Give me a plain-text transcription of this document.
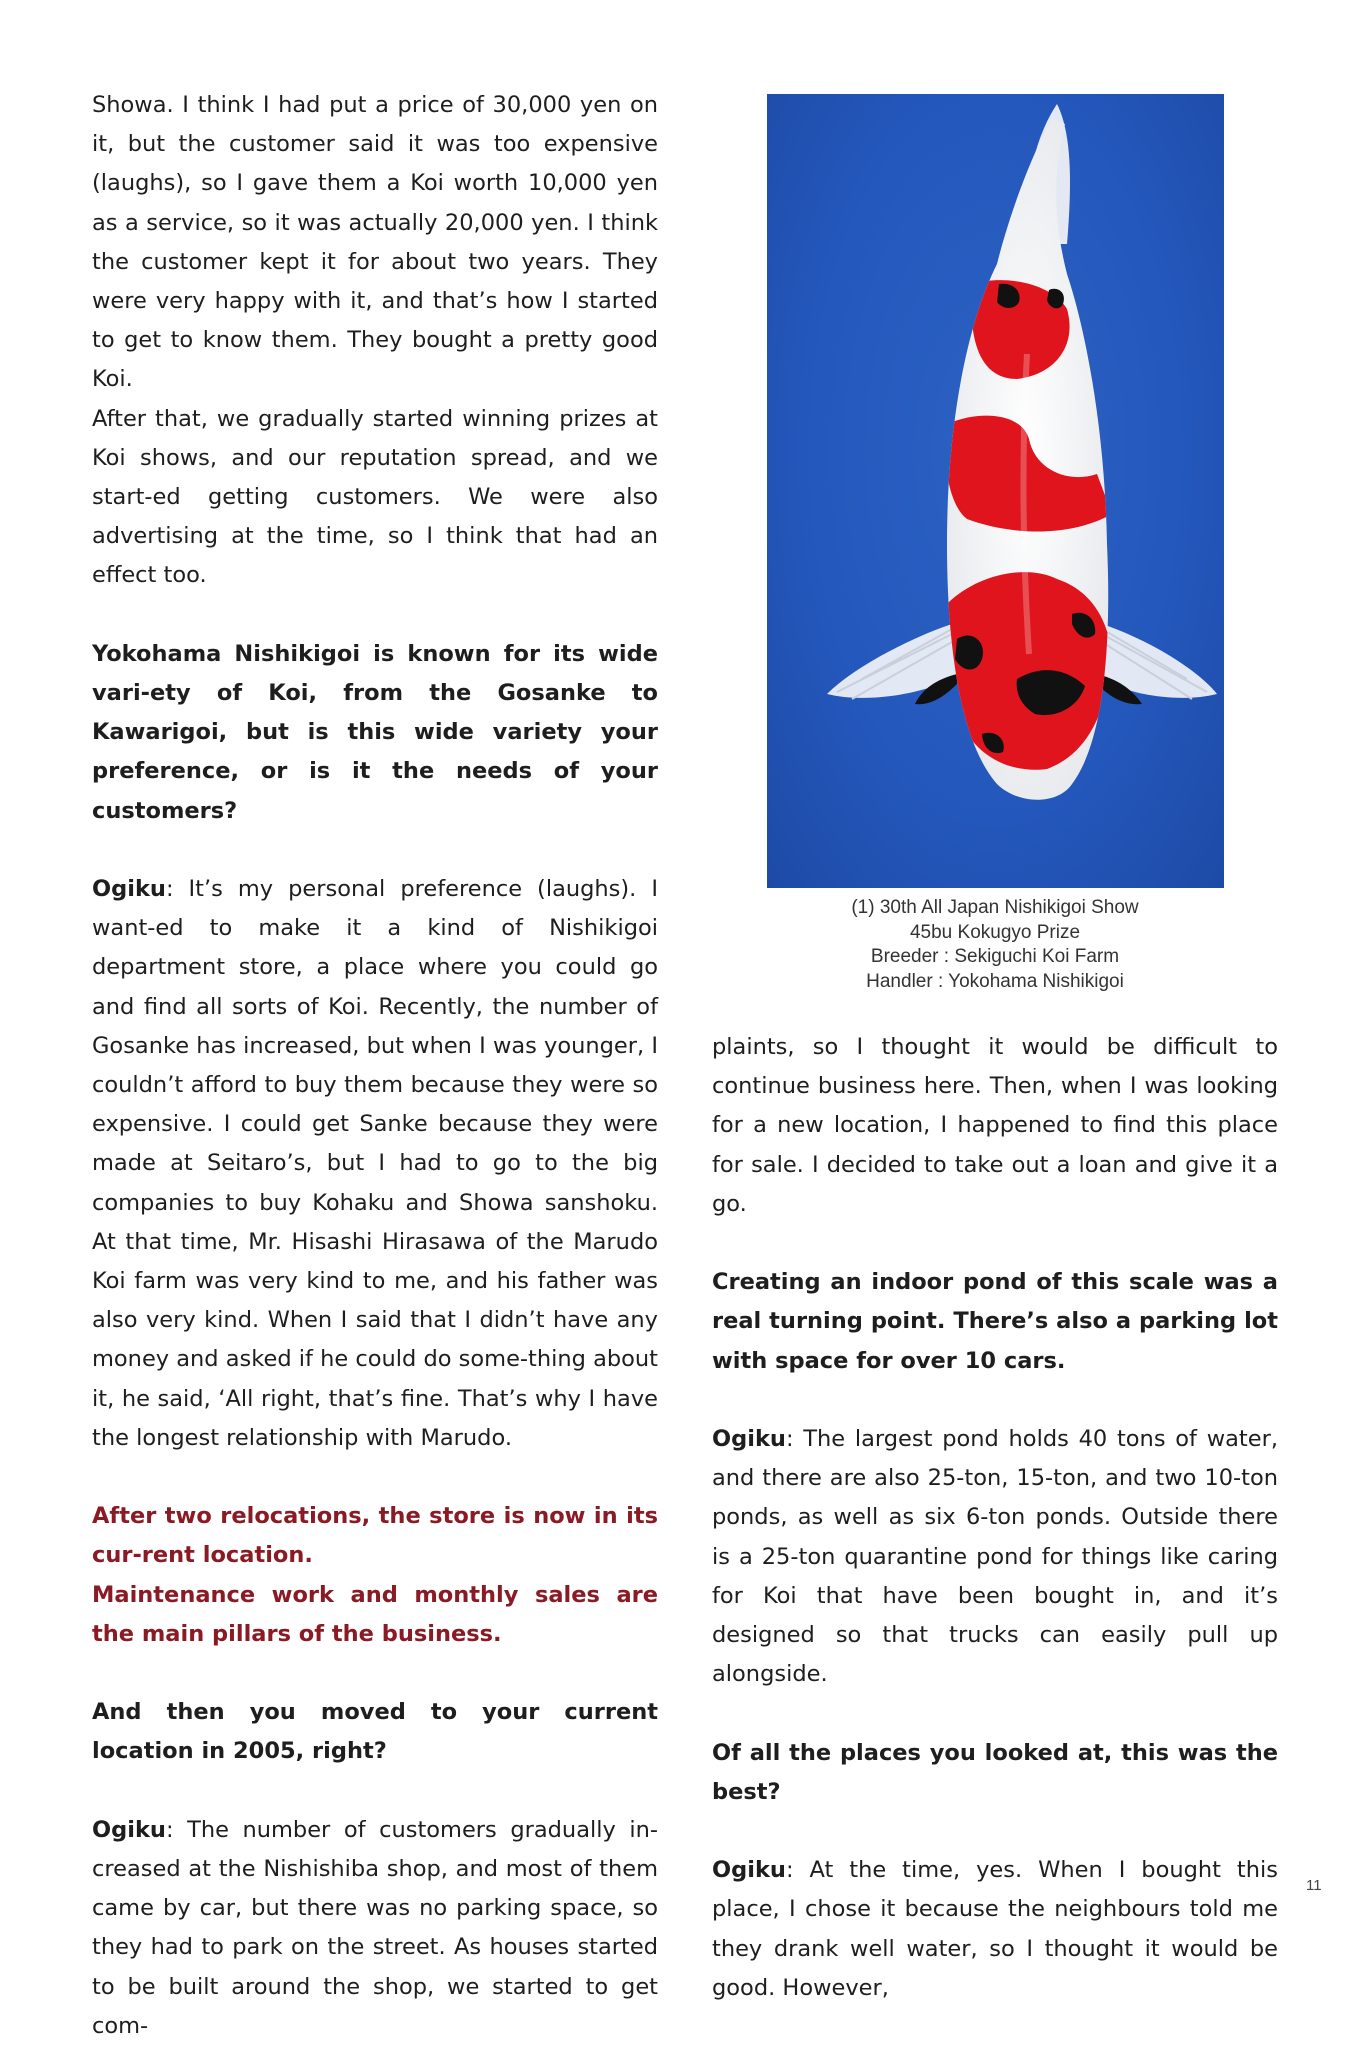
Showa. I think I had put a price of 30,000 yen on it, but the customer said it was too expensive (laughs), so I gave them a Koi worth 10,000 yen as a service, so it was actually 20,000 yen. I think the customer kept it for about two years. They were very happy with it, and that’s how I started to get to know them. They bought a pretty good Koi.

After that, we gradually started winning prizes at Koi shows, and our reputation spread, and we start-ed getting customers. We were also advertising at the time, so I think that had an effect too.

Yokohama Nishikigoi is known for its wide vari-ety of Koi, from the Gosanke to Kawarigoi, but is this wide variety your preference, or is it the needs of your customers?

Ogiku: It’s my personal preference (laughs). I want-ed to make it a kind of Nishikigoi department store, a place where you could go and find all sorts of Koi. Recently, the number of Gosanke has increased, but when I was younger, I couldn’t afford to buy them because they were so expensive. I could get Sanke because they were made at Seitaro’s, but I had to go to the big companies to buy Kohaku and Showa sanshoku. At that time, Mr. Hisashi Hirasawa of the Marudo Koi farm was very kind to me, and his father was also very kind. When I said that I didn’t have any money and asked if he could do some-thing about it, he said, ‘All right, that’s fine. That’s why I have the longest relationship with Marudo.

After two relocations, the store is now in its cur-rent location.

Maintenance work and monthly sales are the main pillars of the business.

And then you moved to your current location in 2005, right?

Ogiku: The number of customers gradually in-creased at the Nishishiba shop, and most of them came by car, but there was no parking space, so they had to park on the street. As houses started to be built around the shop, we started to get com-

(1) 30th All Japan Nishikigoi Show
45bu Kokugyo Prize
Breeder : Sekiguchi Koi Farm
Handler : Yokohama Nishikigoi

plaints, so I thought it would be difficult to continue business here. Then, when I was looking for a new location, I happened to find this place for sale. I decided to take out a loan and give it a go.

Creating an indoor pond of this scale was a real turning point. There’s also a parking lot with space for over 10 cars.

Ogiku: The largest pond holds 40 tons of water, and there are also 25-ton, 15-ton, and two 10-ton ponds, as well as six 6-ton ponds. Outside there is a 25-ton quarantine pond for things like caring for Koi that have been bought in, and it’s designed so that trucks can easily pull up alongside.

Of all the places you looked at, this was the best?

Ogiku: At the time, yes. When I bought this place, I chose it because the neighbours told me they drank well water, so I thought it would be good. However,

11
